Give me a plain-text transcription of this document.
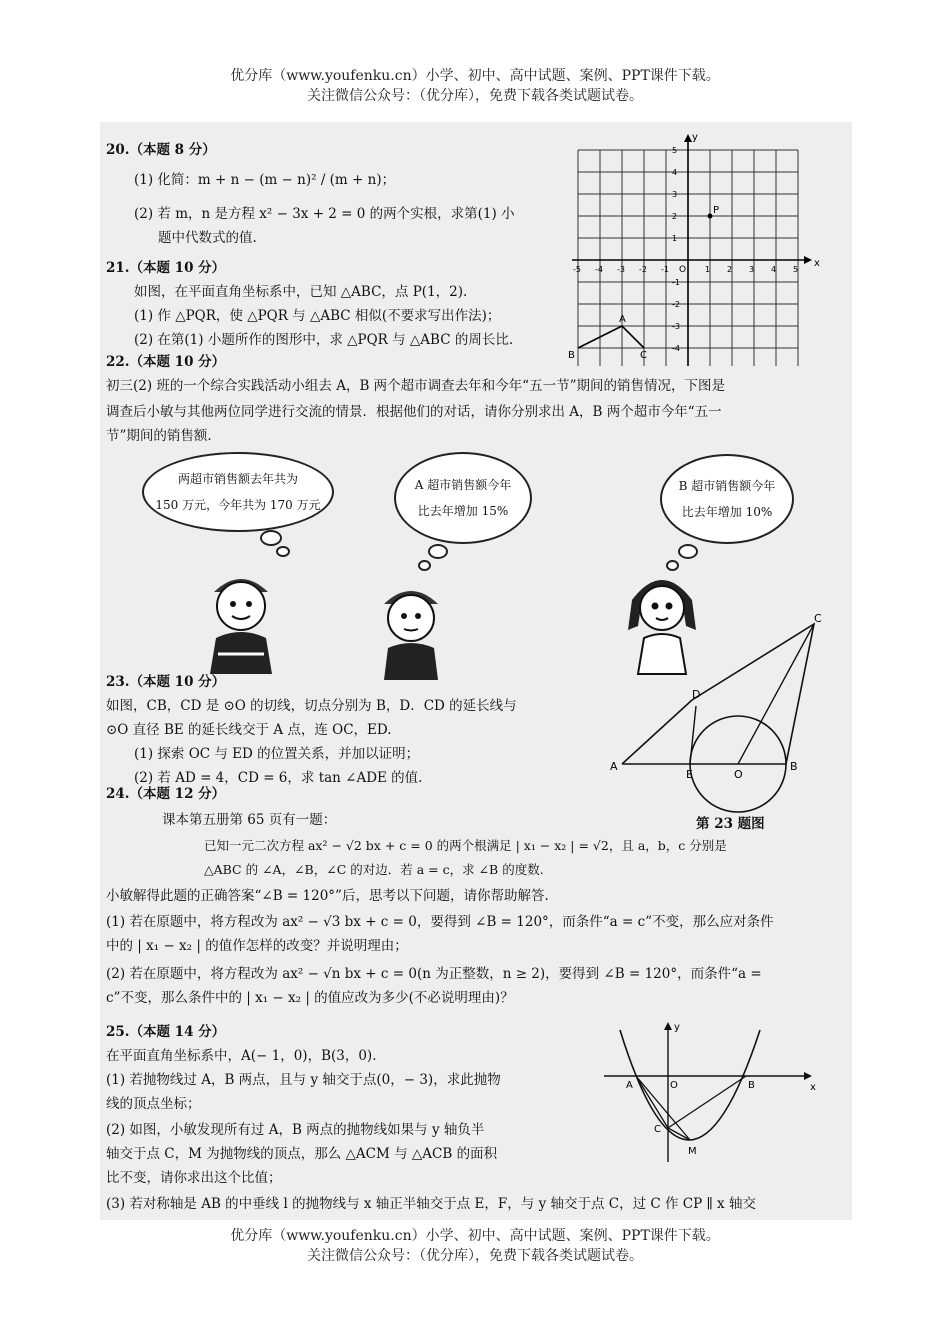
优分库（www.youfenku.cn）小学、初中、高中试题、案例、PPT课件下载。
关注微信公众号：（优分库），免费下载各类试题试卷。
20.（本题 8 分）
(1) 化简：m + n − (m − n)² / (m + n)；
(2) 若 m，n 是方程 x² − 3x + 2 = 0 的两个实根，求第(1) 小
题中代数式的值.
21.（本题 10 分）
如图，在平面直角坐标系中，已知 △ABC，点 P(1，2).
(1) 作 △PQR，使 △PQR 与 △ABC 相似(不要求写出作法)；
(2) 在第(1) 小题所作的图形中，求 △PQR 与 △ABC 的周长比.
x
y
O
P
A
B	C
-5 -4 -3 -2 -1	1 2 3 4 5
5
4
3
2
1
-1
-2
-3
-4
22.（本题 10 分）
初三(2) 班的一个综合实践活动小组去 A，B 两个超市调查去年和今年“五一节”期间的销售情况，下图是
调查后小敏与其他两位同学进行交流的情景．根据他们的对话，请你分别求出 A，B 两个超市今年“五一
节”期间的销售额.
两超市销售额去年共为
150 万元，今年共为 170 万元
A 超市销售额今年
比去年增加 15%
B 超市销售额今年
比去年增加 10%
23.（本题 10 分）
如图，CB，CD 是 ⊙O 的切线，切点分别为 B，D．CD 的延长线与
⊙O 直径 BE 的延长线交于 A 点，连 OC，ED.
(1) 探索 OC 与 ED 的位置关系，并加以证明；
(2) 若 AD = 4，CD = 6，求 tan ∠ADE 的值.
A	B
C
D
E	O
第 23 题图
24.（本题 12 分）
课本第五册第 65 页有一题：
已知一元二次方程 ax² − √2 bx + c = 0 的两个根满足 | x₁ − x₂ | = √2，且 a，b，c 分别是
△ABC 的 ∠A，∠B，∠C 的对边．若 a = c，求 ∠B 的度数.
小敏解得此题的正确答案“∠B = 120°”后，思考以下问题，请你帮助解答.
(1) 若在原题中，将方程改为 ax² − √3 bx + c = 0，要得到 ∠B = 120°，而条件“a = c”不变，那么应对条件
中的 | x₁ − x₂ | 的值作怎样的改变？并说明理由；
(2) 若在原题中，将方程改为 ax² − √n bx + c = 0(n 为正整数，n ≥ 2)，要得到 ∠B = 120°，而条件“a =
c”不变，那么条件中的 | x₁ − x₂ | 的值应改为多少(不必说明理由)？
25.（本题 14 分）
在平面直角坐标系中，A(− 1，0)，B(3，0).
(1) 若抛物线过 A，B 两点，且与 y 轴交于点(0，− 3)，求此抛物
线的顶点坐标；
(2) 如图，小敏发现所有过 A，B 两点的抛物线如果与 y 轴负半
轴交于点 C，M 为抛物线的顶点，那么 △ACM 与 △ACB 的面积
比不变，请你求出这个比值；
(3) 若对称轴是 AB 的中垂线 l 的抛物线与 x 轴正半轴交于点 E，F，与 y 轴交于点 C，过 C 作 CP ∥ x 轴交
A	B
C
M
O	x
y
优分库（www.youfenku.cn）小学、初中、高中试题、案例、PPT课件下载。
关注微信公众号：（优分库），免费下载各类试题试卷。
